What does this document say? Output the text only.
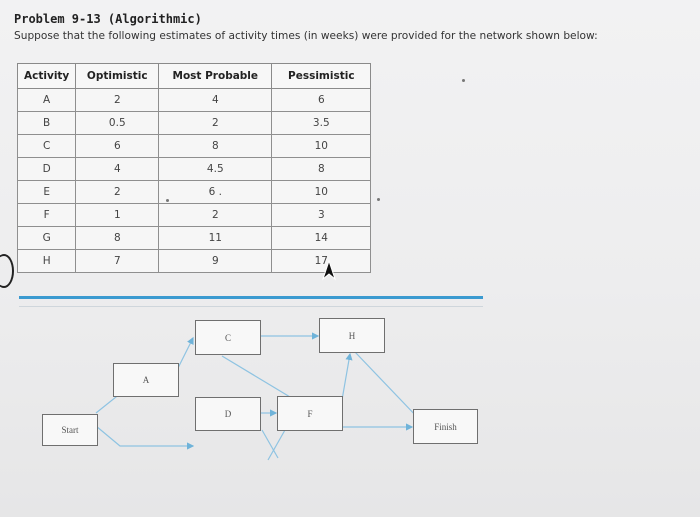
Problem 9-13 (Algorithmic)
Suppose that the following estimates of activity times (in weeks) were provided for the network shown below:
Activity	Optimistic	Most Probable	Pessimistic
A	2	4	6
B	0.5	2	3.5
C	6	8	10
D	4	4.5	8
E	2	6 .	10
F	1	2	3
G	8	11	14
H	7	9	17
Start
A
C
D	F
H
Finish
